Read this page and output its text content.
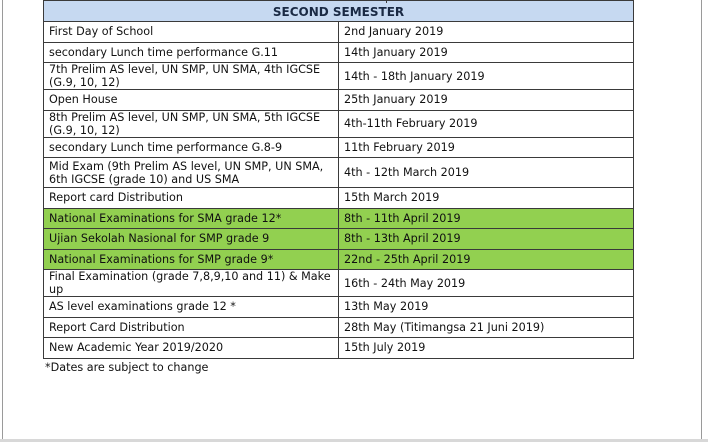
SECOND SEMESTER	
First Day of School	2nd January 2019
secondary Lunch time performance G.11	14th January 2019
7th Prelim AS level, UN SMP, UN SMA, 4th IGCSE (G.9, 10, 12)	14th - 18th January 2019
Open House	25th January 2019
8th Prelim AS level, UN SMP, UN SMA, 5th IGCSE (G.9, 10, 12)	4th-11th February 2019
secondary Lunch time performance G.8-9	11th February 2019
Mid Exam (9th Prelim AS level, UN SMP, UN SMA, 6th IGCSE (grade 10) and US SMA	4th - 12th March 2019
Report card Distribution	15th March 2019
National Examinations for SMA grade 12*	8th - 11th April 2019
Ujian Sekolah Nasional for SMP grade 9	8th - 13th April 2019
National Examinations for SMP grade 9*	22nd - 25th April 2019
Final Examination (grade 7,8,9,10 and 11) & Make up	16th - 24th May 2019
AS level examinations grade 12 *	13th May 2019
Report Card Distribution	28th May (Titimangsa 21 Juni 2019)
New Academic Year 2019/2020	15th July 2019
*Dates are subject to change
